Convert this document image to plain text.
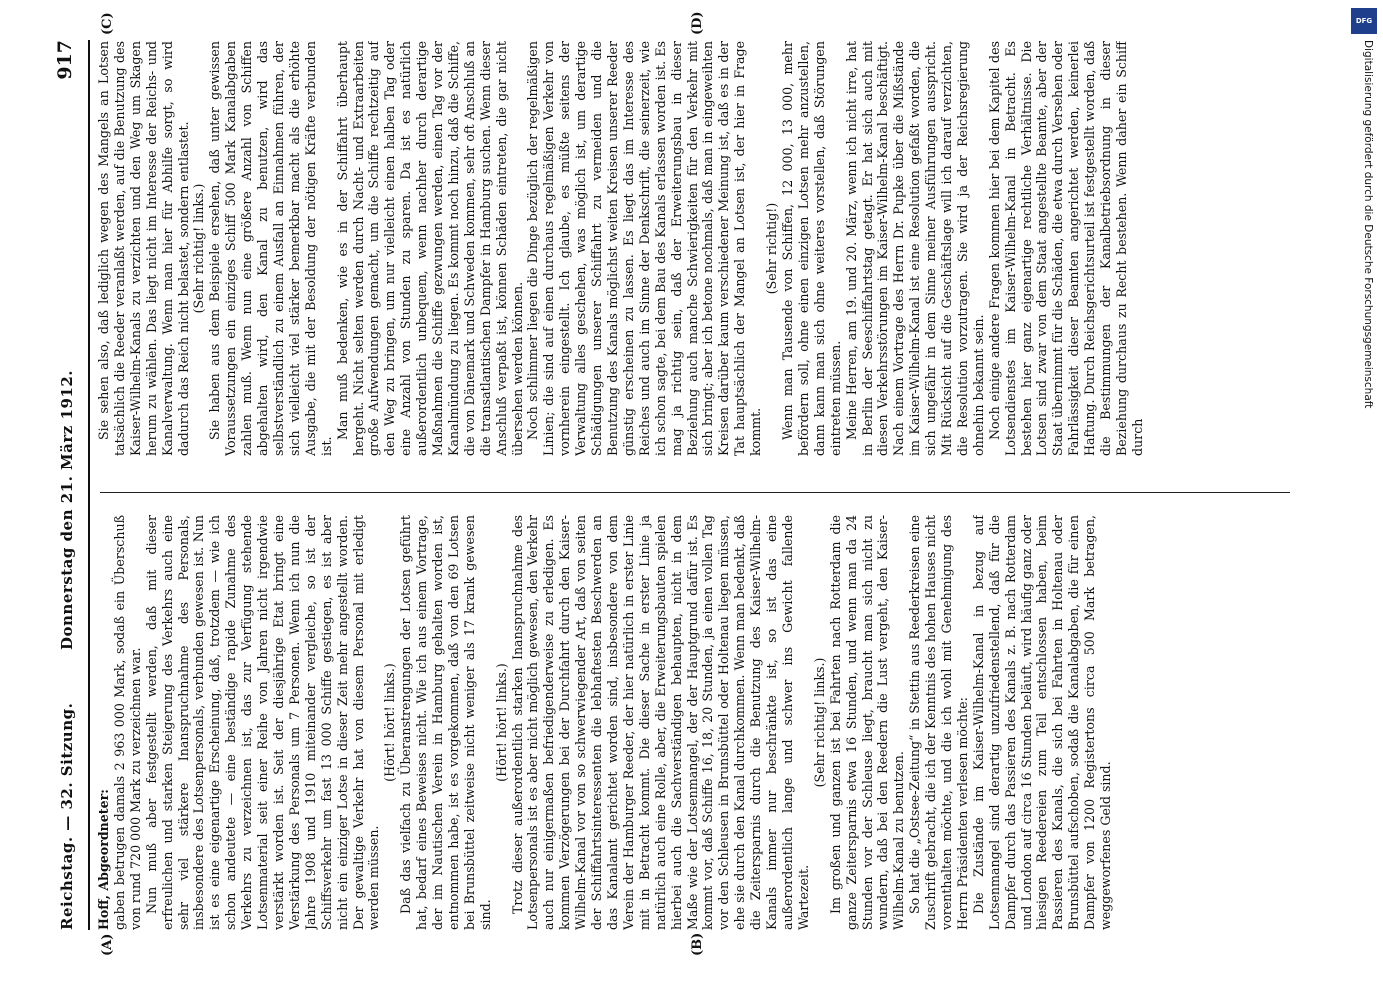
Reichstag. — 32. Sitzung.
Donnerstag den 21. März 1912.
917
(A)	(B)
(C)	(D)

Hoff, Abgeordneter: gaben betrugen damals 2 963 000 Mark, sodaß ein Überschuß von rund 720 000 Mark zu verzeichnen war. Nun muß aber festgestellt werden, daß mit dieser erfreulichen und starken Steigerung des Verkehrs auch eine sehr viel stärkere Inanspruchnahme des Personals, insbesondere des Lotsenpersonals, verbunden gewesen ist. Nun ist es eine eigenartige Erscheinung, daß, trotzdem — wie ich schon andeutete — eine beständige rapide Zunahme des Verkehrs zu verzeichnen ist, das zur Verfügung stehende Lotsenmaterial seit einer Reihe von Jahren nicht irgendwie verstärkt worden ist. Seit der diesjährige Etat bringt eine Verstärkung des Personals um 7 Personen. Wenn ich nun die Jahre 1908 und 1910 miteinander vergleiche, so ist der Schiffsverkehr um fast 13 000 Schiffe gestiegen, es ist aber nicht ein einziger Lotse in dieser Zeit mehr angestellt worden. Der gewaltige Verkehr hat von diesem Personal mit erledigt werden müssen.

(Hört! hört! links.) Daß das vielfach zu Überanstrengungen der Lotsen geführt hat, bedarf eines Beweises nicht. Wie ich aus einem Vortrage, der im Nautischen Verein in Hamburg gehalten worden ist, entnommen habe, ist es vorgekommen, daß von den 69 Lotsen bei Brunsbüttel zeitweise nicht weniger als 17 krank gewesen sind.

(Hört! hört! links.) Trotz dieser außerordentlich starken Inanspruchnahme des Lotsenpersonals ist es aber nicht möglich gewesen, den Verkehr auch nur einigermaßen befriedigenderweise zu erledigen. Es kommen Verzögerungen bei der Durchfahrt durch den Kaiser-Wilhelm-Kanal vor von so schwerwiegender Art, daß von seiten der Schiffahrtsinteressenten die lebhaftesten Beschwerden an das Kanalamt gerichtet worden sind, insbesondere von dem Verein der Hamburger Reeder, der hier natürlich in erster Linie mit in Betracht kommt. Die dieser Sache in erster Linie ja natürlich auch eine Rolle, aber, die Erweiterungsbauten spielen hierbei auch die Sachverständigen behaupten, nicht in dem Maße wie der Lotsenmangel, der der Hauptgrund dafür ist. Es kommt vor, daß Schiffe 16, 18, 20 Stunden, ja einen vollen Tag vor den Schleusen in Brunsbüttel oder Holtenau liegen müssen, ehe sie durch den Kanal durchkommen. Wenn man bedenkt, daß die Zeitersparnis durch die Benutzung des Kaiser-Wilhelm-Kanals immer nur beschränkte ist, so ist das eine außerordentlich lange und schwer ins Gewicht fallende Wartezeit.

(Sehr richtig! links.) Im großen und ganzen ist bei Fahrten nach Rotterdam die ganze Zeitersparnis etwa 16 Stunden, und wenn man da 24 Stunden vor der Schleuse liegt, braucht man sich nicht zu wundern, daß bei den Reedern die Lust vergeht, den Kaiser-Wilhelm-Kanal zu benutzen. So hat die „Ostsee-Zeitung“ in Stettin aus Reederkreisen eine Zuschrift gebracht, die ich der Kenntnis des hohen Hauses nicht vorenthalten möchte, und die ich wohl mit Genehmigung des Herrn Präsidenten verlesen möchte: Die Zustände im Kaiser-Wilhelm-Kanal in bezug auf Lotsenmangel sind derartig unzufriedenstellend, daß für die Dampfer durch das Passieren des Kanals z. B. nach Rotterdam und London auf circa 16 Stunden beläuft, wird häufig ganz oder hiesigen Reedereien zum Teil entschlossen haben, beim Passieren des Kanals, die sich bei Fahrten in Holtenau oder Brunsbüttel aufschoben, sodaß die Kanalabgaben, die für einen Dampfer von 1200 Registertons circa 500 Mark betragen, weggeworfenes Geld sind.

Sie sehen also, daß lediglich wegen des Mangels an Lotsen tatsächlich die Reeder veranlaßt werden, auf die Benutzung des Kaiser-Wilhelm-Kanals zu verzichten und den Weg um Skagen herum zu wählen. Das liegt nicht im Interesse der Reichs- und Kanalverwaltung. Wenn man hier für Abhilfe sorgt, so wird dadurch das Reich nicht belastet, sondern entlastet. (Sehr richtig! links.) Sie haben aus dem Beispiele ersehen, daß unter gewissen Voraussetzungen ein einziges Schiff 500 Mark Kanalabgaben zahlen muß. Wenn nun eine größere Anzahl von Schiffen abgehalten wird, den Kanal zu benutzen, wird das selbstverständlich zu einem Ausfall an Einnahmen führen, der sich vielleicht viel stärker bemerkbar macht als die erhöhte Ausgabe, die mit der Besoldung der nötigen Kräfte verbunden ist.

Man muß bedenken, wie es in der Schiffahrt überhaupt hergeht. Nicht selten werden durch Nacht- und Extraarbeiten große Aufwendungen gemacht, um die Schiffe rechtzeitig auf den Weg zu bringen, um nur vielleicht einen halben Tag oder eine Anzahl von Stunden zu sparen. Da ist es natürlich außerordentlich unbequem, wenn nachher durch derartige Maßnahmen die Schiffe gezwungen werden, einen Tag vor der Kanalmündung zu liegen. Es kommt noch hinzu, daß die Schiffe, die von Dänemark und Schweden kommen, sehr oft Anschluß an die transatlantischen Dampfer in Hamburg suchen. Wenn dieser Anschluß verpaßt ist, können Schäden eintreten, die gar nicht übersehen werden können. Noch schlimmer liegen die Dinge bezüglich der regelmäßigen Linien; die sind auf einen durchaus regelmäßigen Verkehr von vornherein eingestellt. Ich glaube, es müßte seitens der Verwaltung alles geschehen, was möglich ist, um derartige Schädigungen unserer Schiffahrt zu vermeiden und die Benutzung des Kanals möglichst weiten Kreisen unserer Reeder günstig erscheinen zu lassen. Es liegt das im Interesse des Reiches und auch im Sinne der Denkschrift, die seinerzeit, wie ich schon sagte, bei dem Bau des Kanals erlassen worden ist. Es mag ja richtig sein, daß der Erweiterungsbau in dieser Beziehung auch manche Schwierigkeiten für den Verkehr mit sich bringt; aber ich betone nochmals, daß man in eingeweihten Kreisen darüber kaum verschiedener Meinung ist, daß es in der Tat hauptsächlich der Mangel an Lotsen ist, der hier in Frage kommt.

(Sehr richtig!) Wenn man Tausende von Schiffen, 12 000, 13 000, mehr befördern soll, ohne einen einzigen Lotsen mehr anzustellen, dann kann man sich ohne weiteres vorstellen, daß Störungen eintreten müssen. Meine Herren, am 19. und 20. März, wenn ich nicht irre, hat in Berlin der Seeschiffahrtstag getagt. Er hat sich auch mit diesen Verkehrsstörungen im Kaiser-Wilhelm-Kanal beschäftigt. Nach einem Vortrage des Herrn Dr. Pupke über die Mißstände im Kaiser-Wilhelm-Kanal ist eine Resolution gefaßt worden, die sich ungefähr in dem Sinne meiner Ausführungen ausspricht. Mit Rücksicht auf die Geschäftslage will ich darauf verzichten, die Resolution vorzutragen. Sie wird ja der Reichsregierung ohnehin bekannt sein. Noch einige andere Fragen kommen hier bei dem Kapitel des Lotsendienstes im Kaiser-Wilhelm-Kanal in Betracht. Es bestehen hier ganz eigenartige rechtliche Verhältnisse. Die Lotsen sind zwar von dem Staat angestellte Beamte, aber der Staat übernimmt für die Schäden, die etwa durch Versehen oder Fahrlässigkeit dieser Beamten angerichtet werden, keinerlei Haftung. Durch Reichsgerichtsurteil ist festgestellt worden, daß die Bestimmungen der Kanalbetriebsordnung in dieser Beziehung durchaus zu Recht bestehen. Wenn daher ein Schiff durch

DFG
Digitalisierung gefördert durch die Deutsche Forschungsgemeinschaft
